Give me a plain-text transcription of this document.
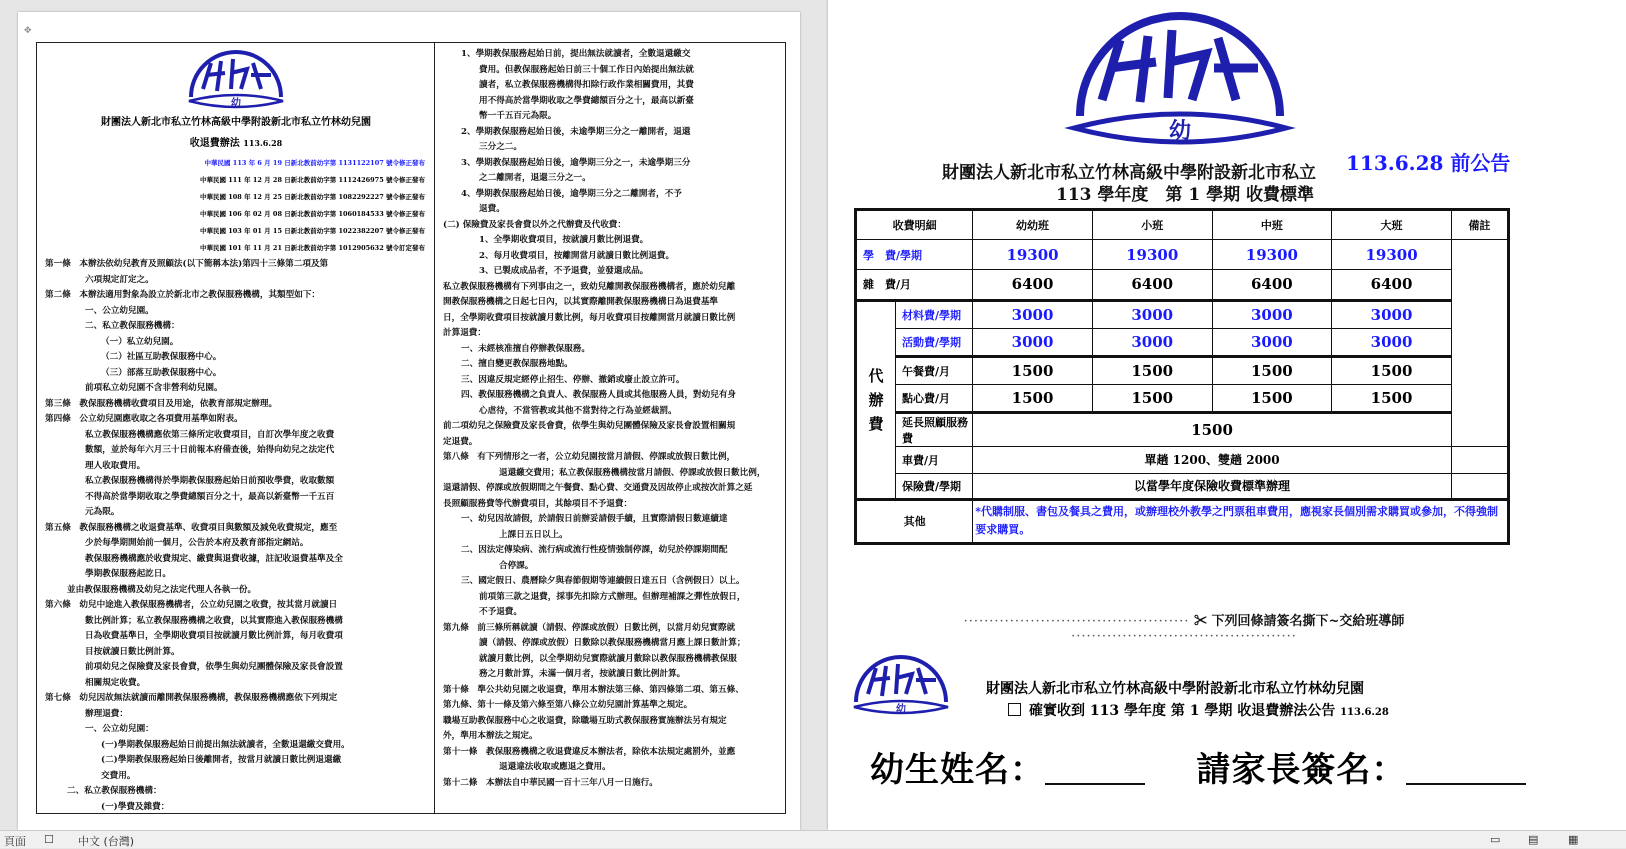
✥
幼
財團法人新北市私立竹林高級中學附設新北市私立竹林幼兒園
收退費辦法 113.6.28
中華民國 113 年 6 月 19 日新北教前幼字第 1131122107 號令修正發布
中華民國 111 年 12 月 28 日新北教前幼字第 1112426975 號令修正發布
中華民國 108 年 12 月 25 日新北教前幼字第 1082292227 號令修正發布
中華民國 106 年 02 月 08 日新北教前幼字第 1060184533 號令修正發布
中華民國 103 年 01 月 15 日新北教前幼字第 1022382207 號令修正發布
中華民國 101 年 11 月 21 日新北教前幼字第 1012905632 號令訂定發布
第一條　本辦法依幼兒教育及照顧法(以下簡稱本法)第四十三條第二項及第
六項規定訂定之。
第二條　本辦法適用對象為設立於新北市之教保服務機構，其類型如下：
一、公立幼兒園。
二、私立教保服務機構：
（一）私立幼兒園。
（二）社區互助教保服務中心。
（三）部落互助教保服務中心。
前項私立幼兒園不含非營利幼兒園。
第三條　教保服務機構收費項目及用途，依教育部規定辦理。
第四條　公立幼兒園應收取之各項費用基準如附表。
私立教保服務機構應依第三條所定收費項目，自訂次學年度之收費
數額，並於每年六月三十日前報本府備查後，始得向幼兒之法定代
理人收取費用。
私立教保服務機構得於學期教保服務起始日前預收學費，收取數額
不得高於當學期收取之學費總額百分之十，最高以新臺幣一千五百
元為限。
第五條　教保服務機構之收退費基準、收費項目與數額及減免收費規定，應至
少於每學期開始前一個月，公告於本府及教育部指定網站。
教保服務機構應於收費規定、繳費與退費收據，註記收退費基準及全
學期教保服務起訖日。
並由教保服務機構及幼兒之法定代理人各執一份。
第六條　幼兒中途進入教保服務機構者，公立幼兒園之收費，按其當月就讀日
數比例計算；私立教保服務機構之收費，以其實際進入教保服務機構
日為收費基準日，全學期收費項目按就讀月數比例計算，每月收費項
目按就讀日數比例計算。
前項幼兒之保險費及家長會費，依學生與幼兒團體保險及家長會設置
相關規定收費。
第七條　幼兒因故無法就讀而離開教保服務機構，教保服務機構應依下列規定
辦理退費：
一、公立幼兒園：
(一)學期教保服務起始日前提出無法就讀者，全數退還繳交費用。
(二)學期教保服務起始日後離開者，按當月就讀日數比例退還繳
交費用。
二、私立教保服務機構：
(一)學費及雜費：
1、學期教保服務起始日前，提出無法就讀者，全數退還繳交
費用。但教保服務起始日前三十個工作日內始提出無法就
讀者，私立教保服務機構得扣除行政作業相關費用，其費
用不得高於當學期收取之學費總額百分之十，最高以新臺
幣一千五百元為限。
2、學期教保服務起始日後，未逾學期三分之一離開者，退還
三分之二。
3、學期教保服務起始日後，逾學期三分之一，未逾學期三分
之二離開者，退還三分之一。
4、學期教保服務起始日後，逾學期三分之二離開者，不予
退費。
(二) 保險費及家長會費以外之代辦費及代收費：
1、全學期收費項目，按就讀月數比例退費。
2、每月收費項目，按離開當月就讀日數比例退費。
3、已製成成品者，不予退費，並發還成品。
私立教保服務機構有下列事由之一，致幼兒離開教保服務機構者，應於幼兒離
開教保服務機構之日起七日內，以其實際離開教保服務機構日為退費基準
日，全學期收費項目按就讀月數比例，每月收費項目按離開當月就讀日數比例
計算退費：
一、未經核准擅自停辦教保服務。
二、擅自變更教保服務地點。
三、因違反規定經停止招生、停辦、撤銷或廢止設立許可。
四、教保服務機構之負責人、教保服務人員或其他服務人員，對幼兒有身
心虐待，不當管教或其他不當對待之行為並經裁罰。
前二項幼兒之保險費及家長會費，依學生與幼兒團體保險及家長會設置相關規
定退費。
第八條　有下列情形之一者，公立幼兒園按當月請假、停課或放假日數比例，
退還繳交費用；私立教保服務機構按當月請假、停課或放假日數比例，
退還請假、停課或放假期間之午餐費、點心費、交通費及因故停止或按次計算之延
長照顧服務費等代辦費項目，其餘項目不予退費：
一、幼兒因故請假，於請假日前辦妥請假手續，且實際請假日數連續達
上課日五日以上。
二、因法定傳染病、流行病或流行性疫情強制停課，幼兒於停課期間配
合停課。
三、國定假日、農曆除夕與春節假期等連續假日達五日（含例假日）以上。
前項第三款之退費，採事先扣除方式辦理。但辦理補課之彈性放假日，
不予退費。
第九條　前三條所稱就讀（請假、停課或放假）日數比例，以當月幼兒實際就
讀（請假、停課或放假）日數除以教保服務機構當月應上課日數計算；
就讀月數比例，以全學期幼兒實際就讀月數除以教保服務機構教保服
務之月數計算，未滿一個月者，按就讀日數比例計算。
第十條　準公共幼兒園之收退費，準用本辦法第三條、第四條第二項、第五條、
第九條、第十一條及第六條至第八條公立幼兒園計算基準之規定。
職場互助教保服務中心之收退費，除職場互助式教保服務實施辦法另有規定
外，準用本辦法之規定。
第十一條　教保服務機構之收退費違反本辦法者，除依本法規定處罰外，並應
退還違法收取或應退之費用。
第十二條　本辦法自中華民國一百十三年八月一日施行。
幼
財團法人新北市私立竹林高級中學附設新北市私立 113.6.28 前公告
113 學年度　第 1 學期 收費標準
收費明細		幼幼班	小班	中班	大班	備註
學　費/學期		19300	19300	19300	19300	
雜　費/月		6400	6400	6400	6400	

代
辦
費	材料費/學期	3000	3000	3000	3000	
	活動費/學期	3000	3000	3000	3000	
	午餐費/月	1500	1500	1500	1500	
	點心費/月	1500	1500	1500	1500	
	延長照顧服務費	1500				
	車費/月	單趟 1200、雙趟 2000				
	保險費/學期	以當學年度保險收費標準辦理				
其他		*代購制服、書包及餐具之費用，或辦理校外教學之門票租車費用，應視家長個別需求購買或參加，不得強制要求購買。				
············································ ✂ 下列回條請簽名撕下~交給班導師 ············································
幼
財團法人新北市私立竹林高級中學附設新北市私立竹林幼兒園
確實收到 113 學年度 第 1 學期 收退費辦法公告 113.6.28
幼生姓名：	請家長簽名：
頁面 ☐ 中文 (台灣)	▭	▤	▦
